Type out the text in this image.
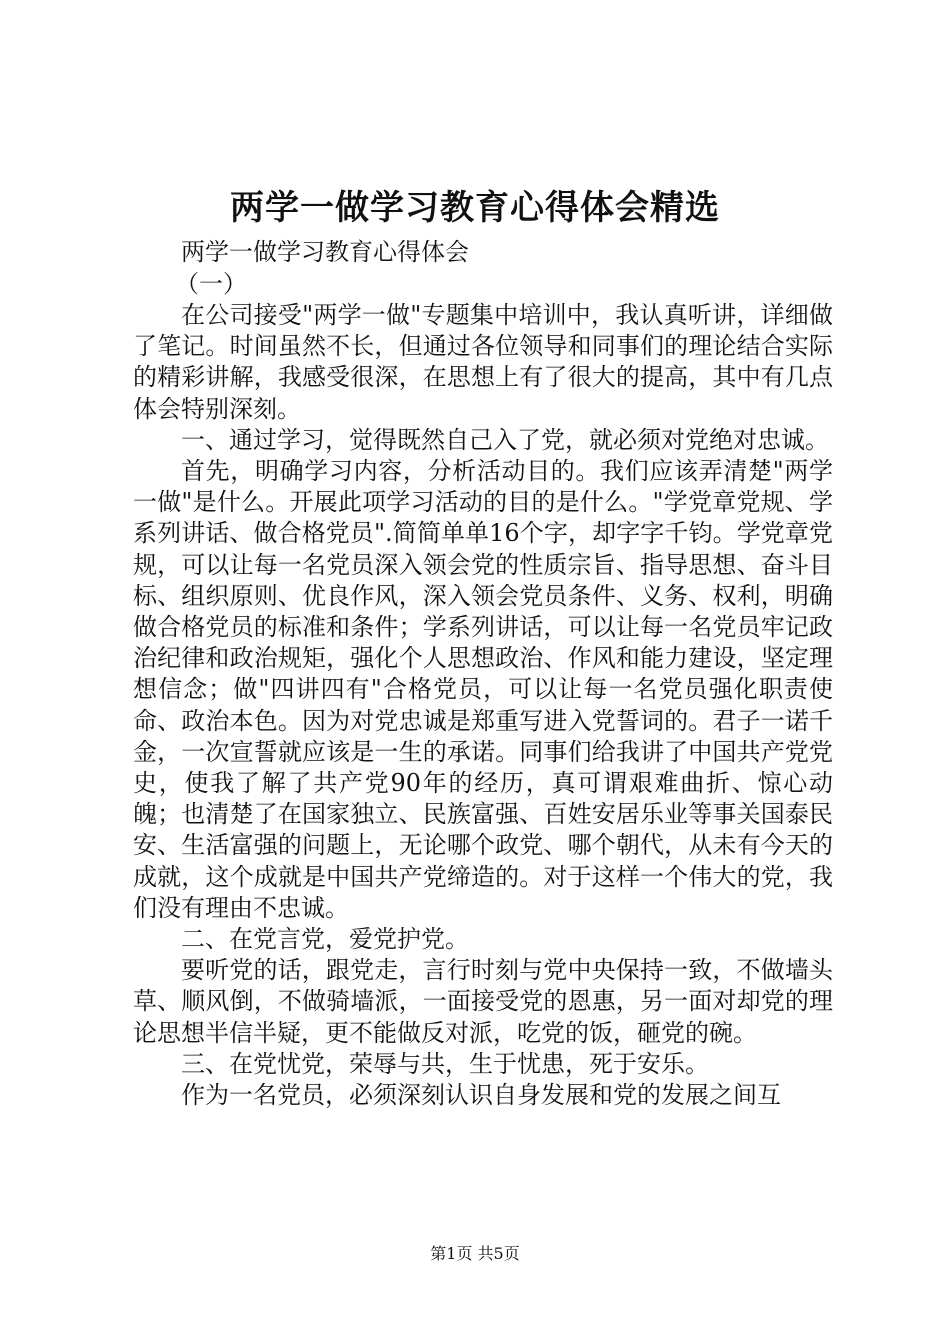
两学一做学习教育心得体会精选
两学一做学习教育心得体会
（一）

在公司接受"两学一做"专题集中培训中，我认真听讲，详细做了笔记。时间虽然不长，但通过各位领导和同事们的理论结合实际的精彩讲解，我感受很深，在思想上有了很大的提高，其中有几点体会特别深刻。

一、通过学习，觉得既然自己入了党，就必须对党绝对忠诚。

首先，明确学习内容，分析活动目的。我们应该弄清楚"两学一做"是什么。开展此项学习活动的目的是什么。"学党章党规、学系列讲话、做合格党员".简简单单16个字，却字字千钧。学党章党规，可以让每一名党员深入领会党的性质宗旨、指导思想、奋斗目标、组织原则、优良作风，深入领会党员条件、义务、权利，明确做合格党员的标准和条件；学系列讲话，可以让每一名党员牢记政治纪律和政治规矩，强化个人思想政治、作风和能力建设，坚定理想信念；做"四讲四有"合格党员，可以让每一名党员强化职责使命、政治本色。因为对党忠诚是郑重写进入党誓词的。君子一诺千金，一次宣誓就应该是一生的承诺。同事们给我讲了中国共产党党史，使我了解了共产党90年的经历，真可谓艰难曲折、惊心动魄；也清楚了在国家独立、民族富强、百姓安居乐业等事关国泰民安、生活富强的问题上，无论哪个政党、哪个朝代，从未有今天的成就，这个成就是中国共产党缔造的。对于这样一个伟大的党，我们没有理由不忠诚。

二、在党言党，爱党护党。

要听党的话，跟党走，言行时刻与党中央保持一致，不做墙头草、顺风倒，不做骑墙派，一面接受党的恩惠，另一面对却党的理论思想半信半疑，更不能做反对派，吃党的饭，砸党的碗。

三、在党忧党，荣辱与共，生于忧患，死于安乐。

作为一名党员，必须深刻认识自身发展和党的发展之间互

第1页 共5页
